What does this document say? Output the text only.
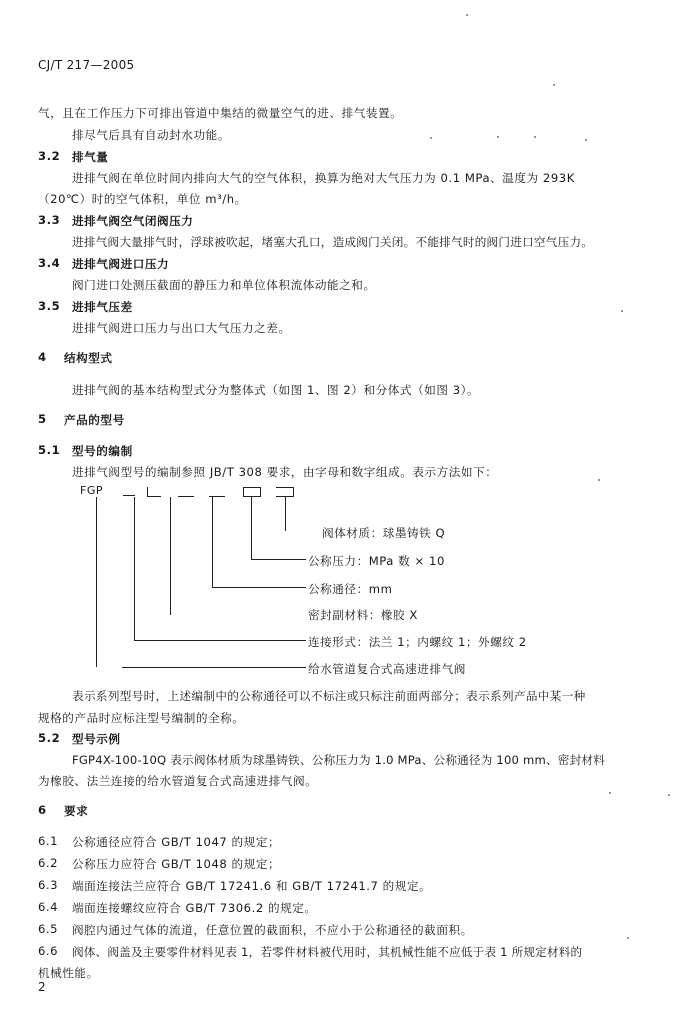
CJ/T 217—2005
气，且在工作压力下可排出管道中集结的微量空气的进、排气装置。
排尽气后具有自动封水功能。
3.2 排气量
进排气阀在单位时间内排向大气的空气体积，换算为绝对大气压力为 0.1 MPa、温度为 293K
（20℃）时的空气体积，单位 m³/h。
3.3 进排气阀空气闭阀压力
进排气阀大量排气时，浮球被吹起，堵塞大孔口，造成阀门关闭。不能排气时的阀门进口空气压力。
3.4 进排气阀进口压力
阀门进口处测压截面的静压力和单位体积流体动能之和。
3.5 进排气压差
进排气阀进口压力与出口大气压力之差。
4 结构型式
进排气阀的基本结构型式分为整体式（如图 1、图 2）和分体式（如图 3）。
5 产品的型号
5.1 型号的编制
进排气阀型号的编制参照 JB/T 308 要求，由字母和数字组成。表示方法如下：
FGP
阀体材质：球墨铸铁 Q
公称压力：MPa 数 × 10
公称通径：mm
密封副材料：橡胶 X
连接形式：法兰 1；内螺纹 1；外螺纹 2
给水管道复合式高速进排气阀
表示系列型号时，上述编制中的公称通径可以不标注或只标注前面两部分；表示系列产品中某一种
规格的产品时应标注型号编制的全称。
5.2 型号示例
FGP4X-100-10Q 表示阀体材质为球墨铸铁、公称压力为 1.0 MPa、公称通径为 100 mm、密封材料
为橡胶、法兰连接的给水管道复合式高速进排气阀。
6 要求
6.1 公称通径应符合 GB/T 1047 的规定；
6.2 公称压力应符合 GB/T 1048 的规定；
6.3 端面连接法兰应符合 GB/T 17241.6 和 GB/T 17241.7 的规定。
6.4 端面连接螺纹应符合 GB/T 7306.2 的规定。
6.5 阀腔内通过气体的流道，任意位置的截面积，不应小于公称通径的截面积。
6.6 阀体、阀盖及主要零件材料见表 1，若零件材料被代用时，其机械性能不应低于表 1 所规定材料的
机械性能。
2
